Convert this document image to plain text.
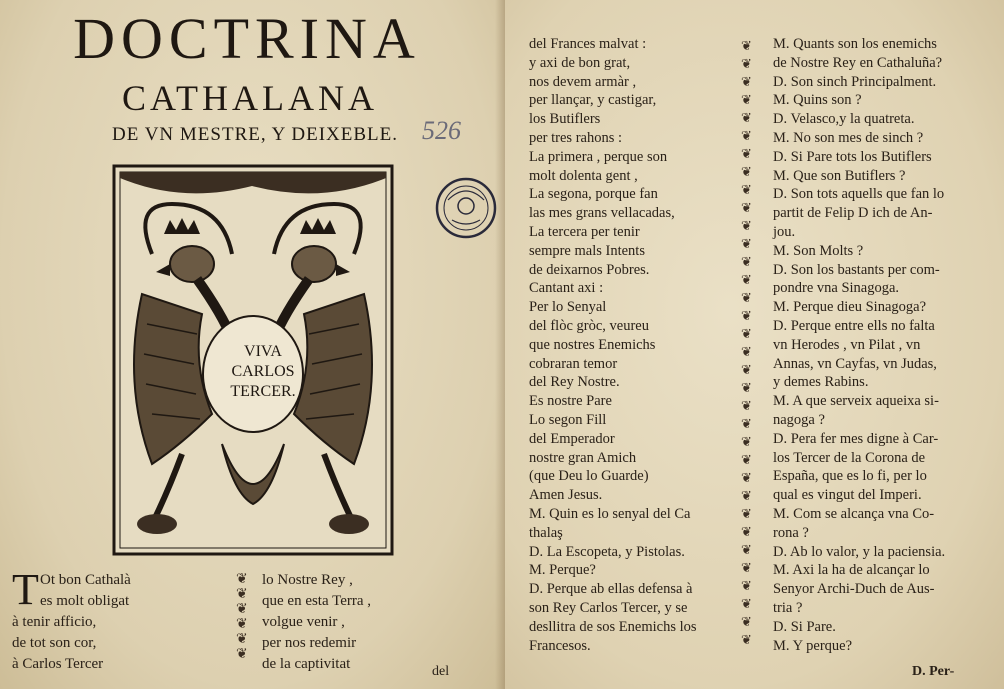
DOCTRINA
CATHALANA
DE VN MESTRE, Y DEIXEBLE. 526
VIVA
CARLOS
TERCER.
T Ot bon Cathalà
es molt obligat
à tenir afficio,
de tot son cor,
à Carlos Tercer
❦
❦
❦
❦
❦
❦
lo Nostre Rey ,
que en esta Terra ,
volgue venir ,
per nos redemir
de la captivitat	del
del Frances malvat :
y axi de bon grat,
nos devem armàr ,
per llançar, y castigar,
los Butiflers
per tres rahons :
La primera , perque son
molt dolenta gent ,
La segona, porque fan
las mes grans vellacadas,
La tercera per tenir
sempre mals Intents
de deixarnos Pobres.
Cantant axi :
Per lo Senyal
del flòc gròc, veureu
que nostres Enemichs
cobraran temor
del Rey Nostre.
Es nostre Pare
Lo segon Fill
del Emperador
nostre gran Amich
(que Deu lo Guarde)
Amen Jesus.
M. Quin es lo senyal del Ca
thalaş
D. La Escopeta, y Pistolas.
M. Perque?
D. Perque ab ellas defensa à
son Rey Carlos Tercer, y se
desllitra de sos Enemichs los
Francesos.
❦
❦
❦
❦
❦
❦
❦
❦
❦
❦
❦
❦
❦
❦
❦
❦
❦
❦
❦
❦
❦
❦
❦
❦
❦
❦
❦
❦
❦
❦
❦
❦
❦
❦

M. Quants son los enemichs
de Nostre Rey en Cathaluña?
D. Son sinch Principalment.
M. Quins son ?
D. Velasco,y la quatreta.
M. No son mes de sinch ?
D. Si Pare tots los Butiflers
M. Que son Butiflers ?
D. Son tots aquells que fan lo
partit de Felip D ich de An-
jou.
M. Son Molts ?
D. Son los bastants per com-
pondre vna Sinagoga.
M. Perque dieu Sinagoga?
D. Perque entre ells no falta
vn Herodes , vn Pilat , vn
Annas, vn Cayfas, vn Judas,
y demes Rabins.
M. A que serveix aqueixa si-
nagoga ?
D. Pera fer mes digne à Car-
los Tercer de la Corona de
España, que es lo fi, per lo
qual es vingut del Imperi.
M. Com se alcança vna Co-
rona ?
D. Ab lo valor, y la paciensia.
M. Axi la ha de alcançar lo
Senyor Archi-Duch de Aus-
tria ?
D. Si Pare.
M. Y perque?
D. Per-
